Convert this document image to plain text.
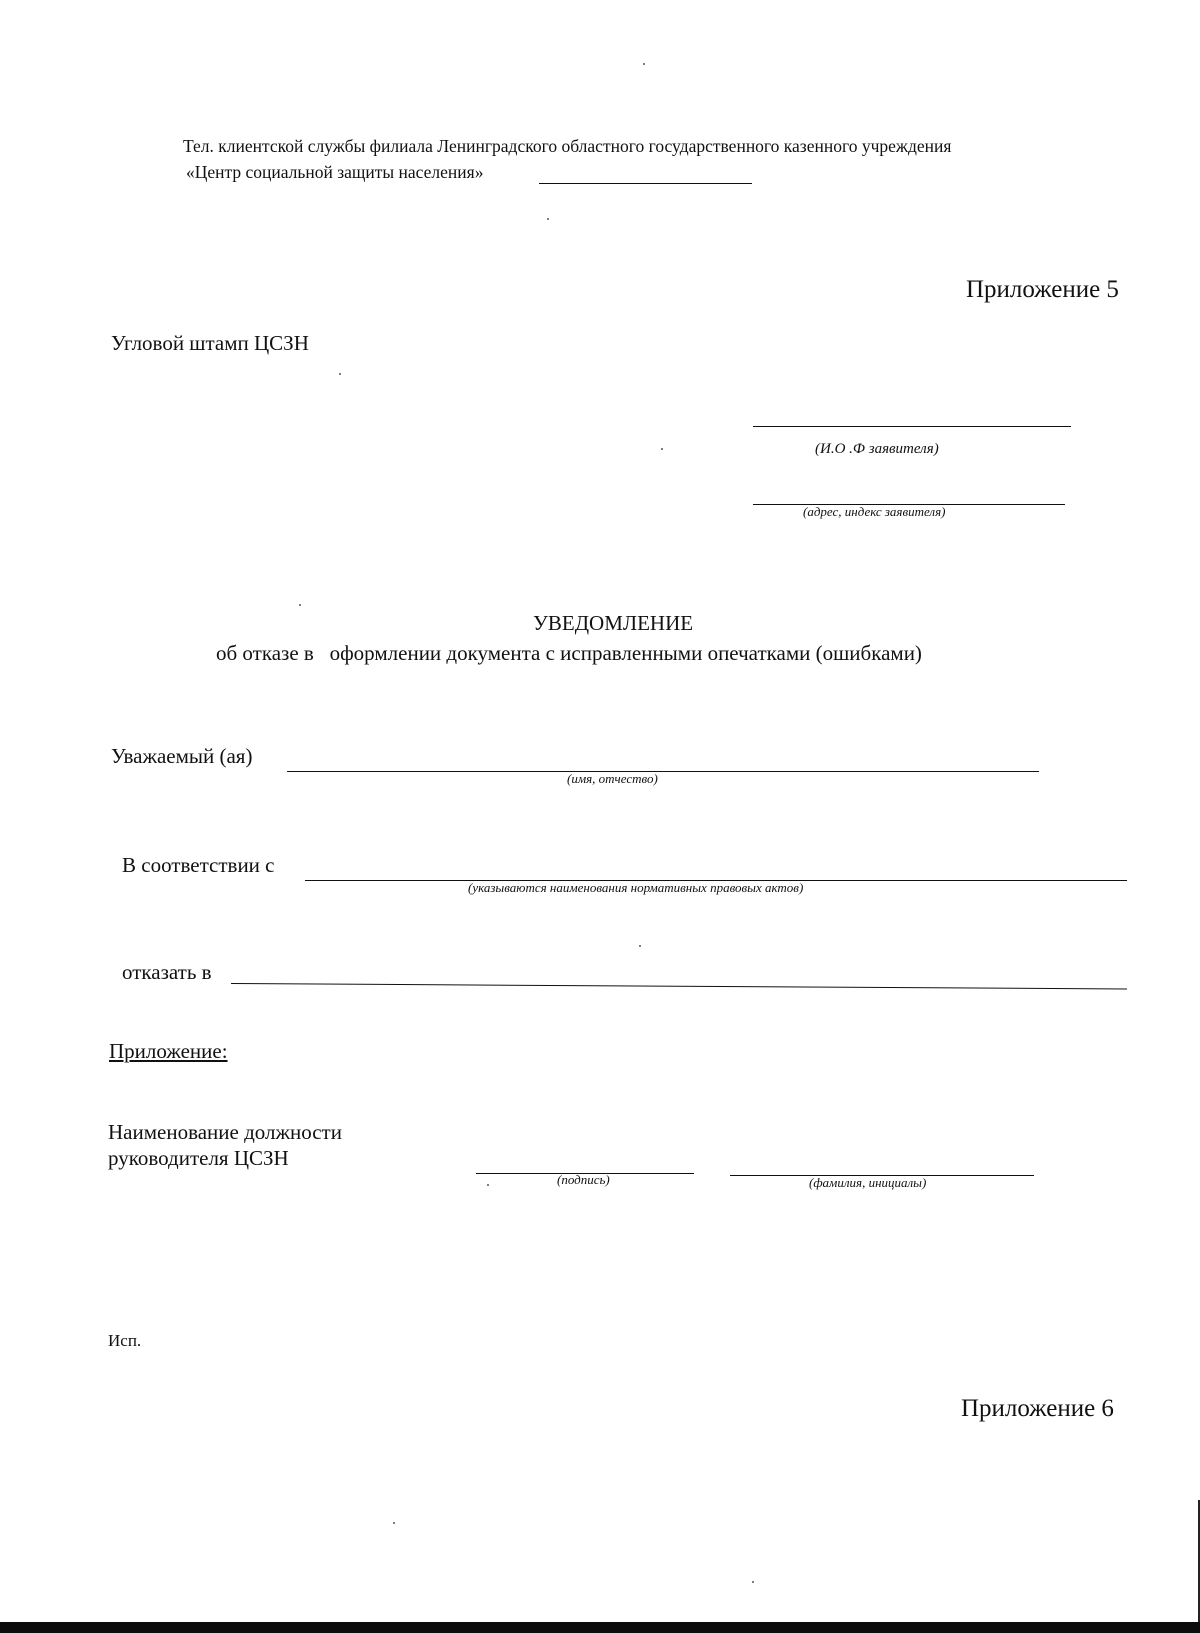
Тел. клиентской службы филиала Ленинградского областного государственного казенного учреждения
«Центр социальной защиты населения»
Приложение 5
Угловой штамп ЦСЗН
(И.О .Ф заявителя)
(адрес, индекс заявителя)
УВЕДОМЛЕНИЕ
об отказе в   оформлении документа с исправленными опечатками (ошибками)
Уважаемый (ая)
(имя, отчество)
В соответствии с
(указываются наименования нормативных правовых актов)
отказать в
Приложение:
Наименование должности
руководителя ЦСЗН
(подпись)	(фамилия, инициалы)
Исп.
Приложение 6
